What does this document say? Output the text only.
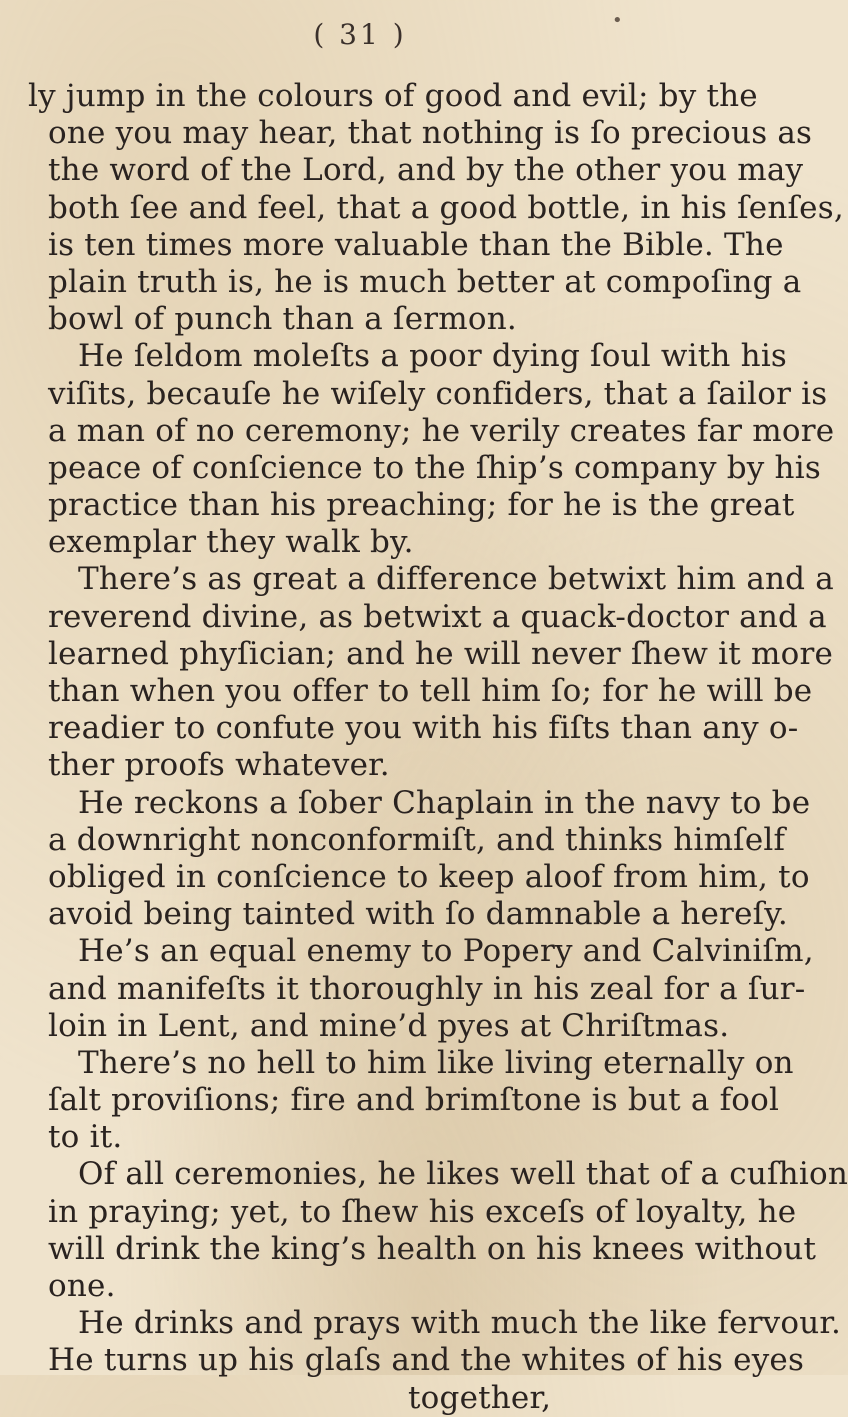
( 31 )	•
ly jump in the colours of good and evil; by the
one you may hear, that nothing is ſo precious as
the word of the Lord, and by the other you may
both ſee and feel, that a good bottle, in his ſenſes,
is ten times more valuable than the Bible. The
plain truth is, he is much better at compoſing a
bowl of punch than a ſermon.
He ſeldom moleſts a poor dying ſoul with his
viſits, becauſe he wiſely confiders, that a ſailor is
a man of no ceremony; he verily creates far more
peace of conſcience to the ſhip’s company by his
practice than his preaching; for he is the great
exemplar they walk by.
There’s as great a difference betwixt him and a
reverend divine, as betwixt a quack-doctor and a
learned phyſician; and he will never ſhew it more
than when you offer to tell him ſo; for he will be
readier to confute you with his fiſts than any o-
ther proofs whatever.
He reckons a ſober Chaplain in the navy to be
a downright nonconformiſt, and thinks himſelf
obliged in conſcience to keep aloof from him, to
avoid being tainted with ſo damnable a hereſy.
He’s an equal enemy to Popery and Calviniſm,
and manifeſts it thoroughly in his zeal for a ſur-
loin in Lent, and mine’d pyes at Chriſtmas.
There’s no hell to him like living eternally on
ſalt proviſions; fire and brimſtone is but a fool
to it.
Of all ceremonies, he likes well that of a cuſhion
in praying; yet, to ſhew his exceſs of loyalty, he
will drink the king’s health on his knees without
one.
He drinks and prays with much the like fervour.
He turns up his glaſs and the whites of his eyes
together,
